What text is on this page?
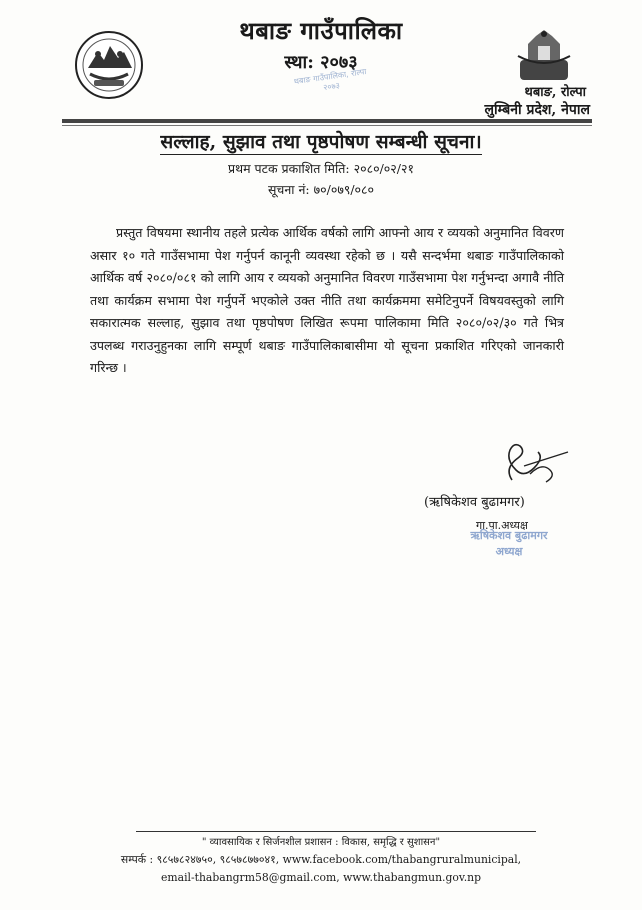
थबाङ गाउँपालिका
स्था: २०७३
थबाङ गाउँपालिका, रोल्पा २०७३	थबाङ, रोल्पा
लुम्बिनी प्रदेश, नेपाल
सल्लाह, सुझाव तथा पृष्ठपोषण सम्बन्धी सूचना।
प्रथम पटक प्रकाशित मिति: २०८०/०२/२१
सूचना नं: ७०/०७९/०८०

प्रस्तुत विषयमा स्थानीय तहले प्रत्येक आर्थिक वर्षको लागि आफ्नो आय र व्ययको अनुमानित विवरण असार १० गते गाउँसभामा पेश गर्नुपर्न कानूनी व्यवस्था रहेको छ । यसै सन्दर्भमा थबाङ गाउँपालिकाको आर्थिक वर्ष २०८०/०८१ को लागि आय र व्ययको अनुमानित विवरण गाउँसभामा पेश गर्नुभन्दा अगावै नीति तथा कार्यक्रम सभामा पेश गर्नुपर्ने भएकोले उक्त नीति तथा कार्यक्रममा समेटिनुपर्ने विषयवस्तुको लागि सकारात्मक सल्लाह, सुझाव तथा पृष्ठपोषण लिखित रूपमा पालिकामा मिति २०८०/०२/३० गते भित्र उपलब्ध गराउनुहुनका लागि सम्पूर्ण थबाङ गाउँपालिकाबासीमा यो सूचना प्रकाशित गरिएको जानकारी गरिन्छ ।

(ऋषिकेशव बुढामगर)
गा.पा.अध्यक्ष
ऋषिकेशव बुढामगर
अध्यक्ष
" व्यावसायिक र सिर्जनशील प्रशासन : विकास, समृद्धि र सुशासन"
सम्पर्क : ९८५७८२४७५०, ९८५७८७७०४१, www.facebook.com/thabangruralmunicipal,
email-thabangrm58@gmail.com, www.thabangmun.gov.np
